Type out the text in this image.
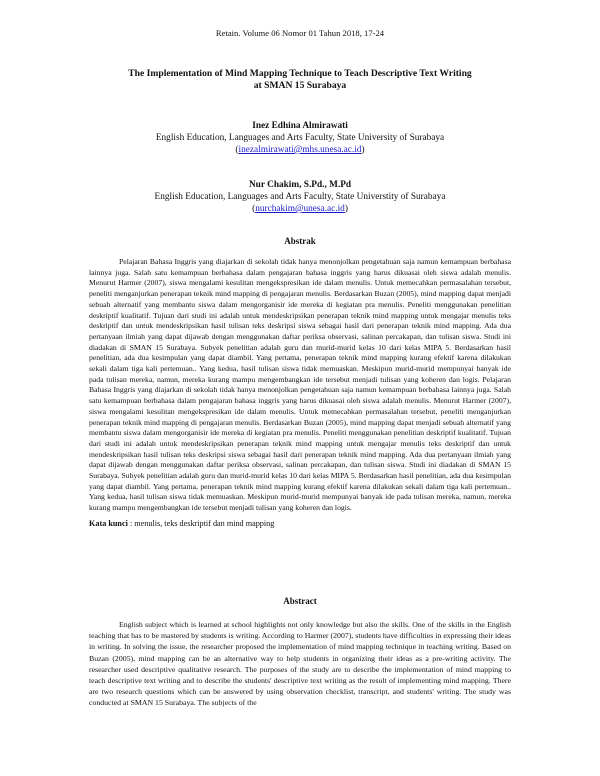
Retain. Volume 06 Nomor 01 Tahun 2018, 17-24
The Implementation of Mind Mapping Technique to Teach Descriptive Text Writing
at SMAN 15 Surabaya
Inez Edhina Almirawati
English Education, Languages and Arts Faculty, State University of Surabaya
(inezalmirawati@mhs.unesa.ac.id)
Nur Chakim, S.Pd., M.Pd
English Education, Languages and Arts Faculty, State Universtity of Surabaya
(nurchakim@unesa.ac.id)
Abstrak

Pelajaran Bahasa Inggris yang diajarkan di sekolah tidak hanya menonjolkan pengetahuan saja namun kemampuan berbahasa lainnya juga. Salah satu kemampuan berbahasa dalam pengajaran bahasa inggris yang harus dikuasai oleh siswa adalah menulis. Menurut Harmer (2007), siswa mengalami kesulitan mengekspresikan ide dalam menulis. Untuk memecahkan permasalahan tersebut, peneliti menganjurkan penerapan teknik mind mapping di pengajaran menulis. Berdasarkan Buzan (2005), mind mapping dapat menjadi sebuah alternatif yang membantu siswa dalam mengorganisir ide mereka di kegiatan pra menulis. Peneliti menggunakan penelitian deskriptif kualitatif. Tujuan dari studi ini adalah untuk mendeskripsikan penerapan teknik mind mapping untuk mengajar menulis teks deskriptif dan untuk mendeskripsikan hasil tulisan teks deskripsi siswa sebagai hasil dari penerapan teknik mind mapping. Ada dua pertanyaan ilmiah yang dapat dijawab dengan menggunakan daftar periksa observasi, salinan percakapan, dan tulisan siswa. Studi ini diadakan di SMAN 15 Surabaya. Subyek penelitian adalah guru dan murid-murid kelas 10 dari kelas MIPA 5. Berdasarkan hasil penelitian, ada dua kesimpulan yang dapat diambil. Yang pertama, penerapan teknik mind mapping kurang efektif karena dilakukan sekali dalam tiga kali pertemuan.. Yang kedua, hasil tulisan siswa tidak memuaskan. Meskipun murid-murid mempunyai banyak ide pada tulisan mereka, namun, mereka kurang mampu mengembangkan ide tersebut menjadi tulisan yang koheren dan logis. Pelajaran Bahasa Inggris yang diajarkan di sekolah tidak hanya menonjolkan pengetahuan saja namun kemampuan berbahasa lainnya juga. Salah satu kemampuan berbahasa dalam pengajaran bahasa inggris yang harus dikuasai oleh siswa adalah menulis. Menurut Harmer (2007), siswa mengalami kesulitan mengekspresikan ide dalam menulis. Untuk memecahkan permasalahan tersebut, peneliti menganjurkan penerapan teknik mind mapping di pengajaran menulis. Berdasarkan Buzan (2005), mind mapping dapat menjadi sebuah alternatif yang membantu siswa dalam mengorganisir ide mereka di kegiatan pra menulis. Peneliti menggunakan penelitian deskriptif kualitatif. Tujuan dari studi ini adalah untuk mendeskripsikan penerapan teknik mind mapping untuk mengajar menulis teks deskriptif dan untuk mendeskripsikan hasil tulisan teks deskripsi siswa sebagai hasil dari penerapan teknik mind mapping. Ada dua pertanyaan ilmiah yang dapat dijawab dengan menggunakan daftar periksa observasi, salinan percakapan, dan tulisan siswa. Studi ini diadakan di SMAN 15 Surabaya. Subyek penelitian adalah guru dan murid-murid kelas 10 dari kelas MIPA 5. Berdasarkan hasil penelitian, ada dua kesimpulan yang dapat diambil. Yang pertama, penerapan teknik mind mapping kurang efektif karena dilakukan sekali dalam tiga kali pertemuan.. Yang kedua, hasil tulisan siswa tidak memuaskan. Meskipun murid-murid mempunyai banyak ide pada tulisan mereka, namun, mereka kurang mampu mengembangkan ide tersebut menjadi tulisan yang koheren dan logis.

Kata kunci : menulis, teks deskriptif dan mind mapping
Abstract

English subject which is learned at school highlights not only knowledge but also the skills. One of the skills in the English teaching that has to be mastered by students is writing. According to Harmer (2007), students have difficulties in expressing their ideas in writing. In solving the issue, the researcher proposed the implementation of mind mapping technique in teaching writing. Based on Buzan (2005), mind mapping can be an alternative way to help students in organizing their ideas as a pre-writing activity. The researcher used descriptive qualitative research. The purposes of the study are to describe the implementation of mind mapping to teach descriptive text writing and to describe the students' descriptive text writing as the result of implementing mind mapping. There are two research questions which can be answered by using observation checklist, transcript, and students' writing. The study was conducted at SMAN 15 Surabaya. The subjects of the
